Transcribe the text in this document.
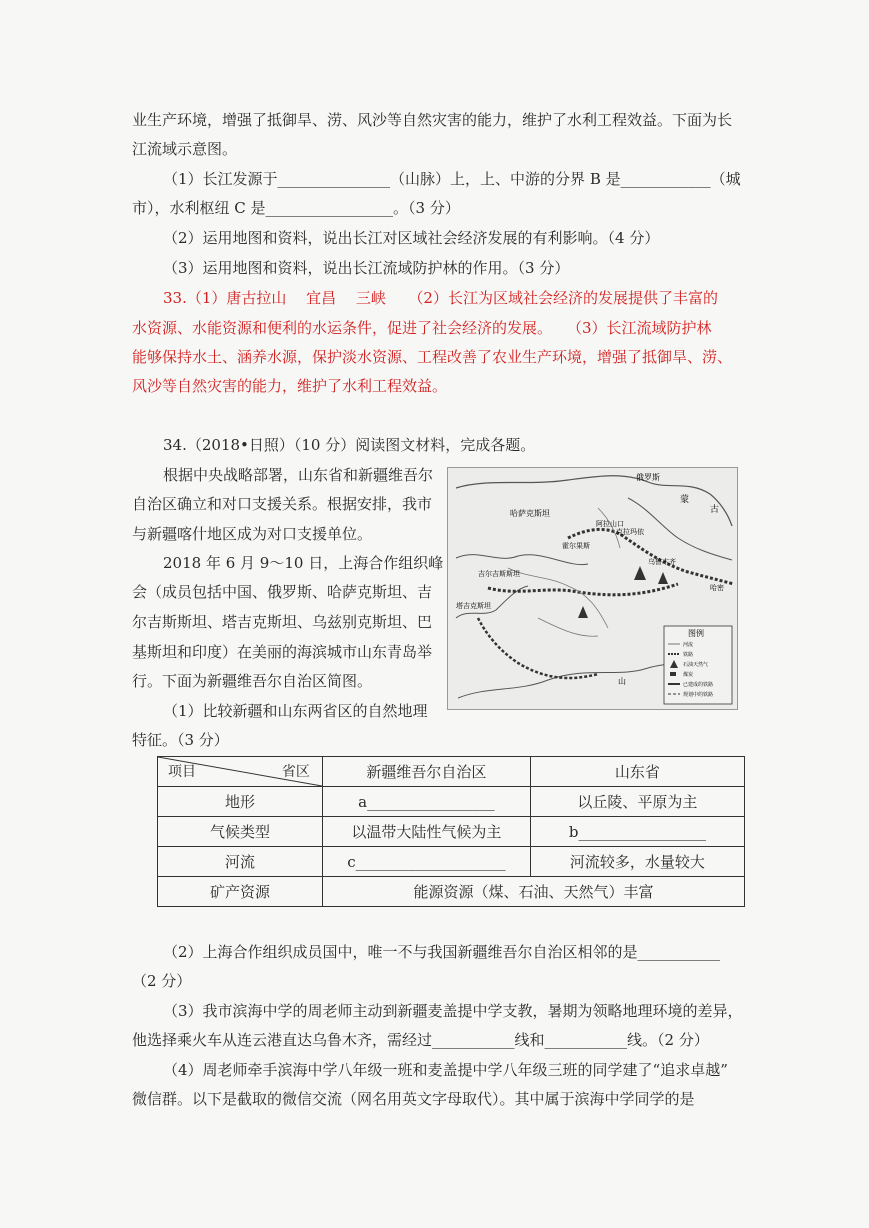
业生产环境，增强了抵御旱、涝、风沙等自然灾害的能力，维护了水利工程效益。下面为长
江流域示意图。
（1）长江发源于_______________（山脉）上，上、中游的分界 B 是____________（城
市），水利枢纽 C 是_________________。（3 分）
（2）运用地图和资料，说出长江对区域社会经济发展的有利影响。（4 分）
（3）运用地图和资料，说出长江流域防护林的作用。（3 分）
33.（1）唐古拉山　 宜昌　 三峡　　（2）长江为区域社会经济的发展提供了丰富的
水资源、水能资源和便利的水运条件，促进了社会经济的发展。　　（3）长江流域防护林
能够保持水土、涵养水源，保护淡水资源、工程改善了农业生产环境，增强了抵御旱、涝、
风沙等自然灾害的能力，维护了水利工程效益。
34.（2018•日照）（10 分）阅读图文材料，完成各题。
根据中央战略部署，山东省和新疆维吾尔
自治区确立和对口支援关系。根据安排，我市
与新疆喀什地区成为对口支援单位。
2018 年 6 月 9～10 日，上海合作组织峰
会（成员包括中国、俄罗斯、哈萨克斯坦、吉
尔吉斯斯坦、塔吉克斯坦、乌兹别克斯坦、巴
基斯坦和印度）在美丽的海滨城市山东青岛举
行。下面为新疆维吾尔自治区简图。
（1）比较新疆和山东两省区的自然地理
特征。（3 分）
俄罗斯
蒙
古
哈萨克斯坦
阿拉山口
克拉玛依
霍尔果斯
乌鲁木齐
吉尔吉斯斯坦
塔吉克斯坦
哈密
山
图例
河流
铁路
石油天然气
煤炭
已建成的铁路
规划中的铁路
项目 省区	新疆维吾尔自治区	山东省
地形	a_________________	以丘陵、平原为主
气候类型	以温带大陆性气候为主	b_________________
河流	c____________________	河流较多，水量较大
矿产资源	能源资源（煤、石油、天然气）丰富	
（2）上海合作组织成员国中，唯一不与我国新疆维吾尔自治区相邻的是___________
（2 分）
（3）我市滨海中学的周老师主动到新疆麦盖提中学支教，暑期为领略地理环境的差异，
他选择乘火车从连云港直达乌鲁木齐，需经过___________线和___________线。（2 分）
（4）周老师牵手滨海中学八年级一班和麦盖提中学八年级三班的同学建了“追求卓越”
微信群。以下是截取的微信交流（网名用英文字母取代）。其中属于滨海中学同学的是
